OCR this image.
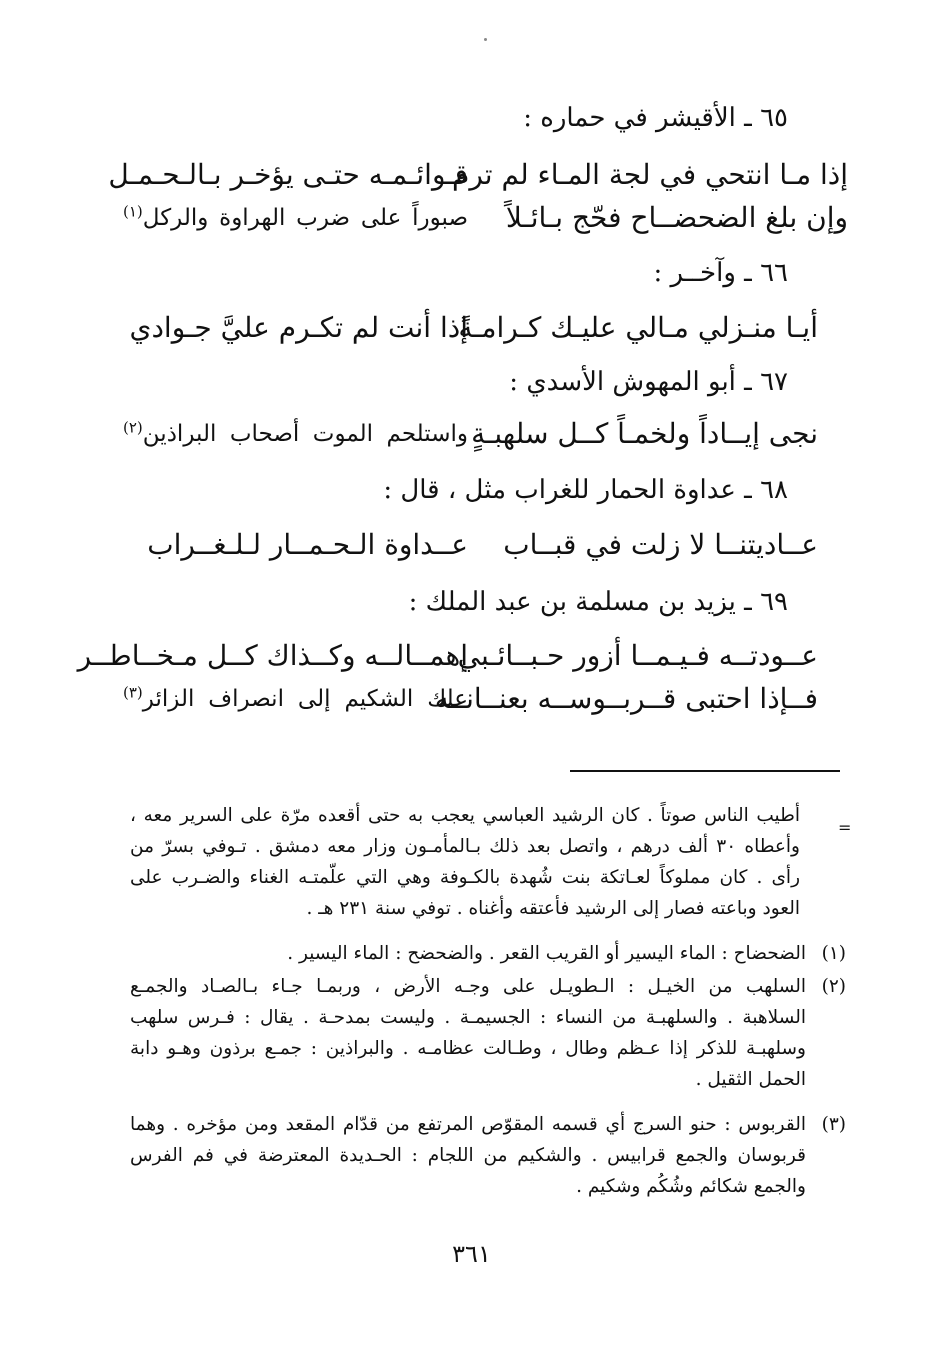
٦٥ ـ الأقيشر في حماره :
إذا مـا انتحي في لجة المـاء لم ترم
قـوائـمـه حتـى يؤخـر بـالـحـمـل
وإن بلغ الضحضــاح فحّج بـائـلاً
صبوراً على ضرب الهراوة والركل$^{(١)}$
٦٦ ـ وآخــر :
أيـا منـزلي مـالي عليـك كـرامـةً
إذا أنت لم تكـرم عليَّ جـوادي
٦٧ ـ أبو المهوش الأسدي :
نجى إيــاداً ولخمـاً كــل سلهبـةٍ
واستلحم الموت أصحاب البراذين$^{(٢)}$
٦٨ ـ عداوة الحمار للغراب مثل ، قال :
عــاديتنــا لا زلت في قبــاب
عــداوة الـحـمــار لـلـغــراب
٦٩ ـ يزيد بن مسلمة بن عبد الملك :
عــودتــه فـيـمــا أزور حـبــائـبي
إهمــالــه وكــذاك كــل مـخــاطــر
فــإذا احتبى قــربــوســه بعنــانــه
علك الشكيم إلى انصراف الزائر$^{(٣)}$
=
أطيب الناس صوتاً . كان الرشيد العباسي يعجب به حتى أقعده مرّة على السرير معه ،
وأعطاه ٣٠ ألف درهم ، واتصل بعد ذلك بـالمأمـون وزار معه دمشق . تـوفي بسرّ من
رأى . كان مملوكاً لعـاتكة بنت شُهدة بالكـوفة وهي التي علّمتـه الغناء والضـرب على
العود وباعته فصار إلى الرشيد فأعتقه وأغناه . توفي سنة ٢٣١ هـ .
(١)
الضحضاح : الماء اليسير أو القريب القعر . والضحضح : الماء اليسير .
(٢)
السلهب من الخيـل : الـطويـل على وجـه الأرض ، وربمـا جـاء بـالصـاد والجمـع
السلاهبة . والسلهبـة من النساء : الجسيمـة . وليست بمدحـة . يقال : فـرس سلهب
وسلهبـة للذكر إذا عـظم وطال ، وطـالت عظامـه . والبراذين : جمـع برذون وهـو دابة
الحمل الثقيل .
(٣)
القربوس : حنو السرج أي قسمه المقوّص المرتفع من قدّام المقعد ومن مؤخره . وهما
قربوسان والجمع قرابيس . والشكيم من اللجام : الحـديدة المعترضة في فم الفرس
والجمع شكائم وشُكُم وشكيم .
٣٦١
